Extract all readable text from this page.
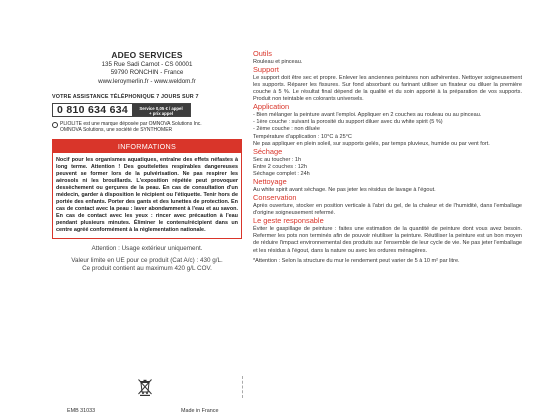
ADEO SERVICES
135 Rue Sadi Carnot - CS 00001
59790 RONCHIN - France
www.leroymerlin.fr - www.weldom.fr
VOTRE ASSISTANCE TÉLÉPHONIQUE 7 JOURS SUR 7
0 810 634 634	Service 0,05 € / appel
+ prix appel
PLIOLITE est une marque déposée par OMNOVA Solutions Inc.
OMNOVA Solutions, une société de SYNTHOMER
INFORMATIONS
Nocif pour les organismes aquatiques, entraîne des effets néfastes à long terme. Attention ! Des gouttelettes respirables dangereuses peuvent se former lors de la pulvérisation. Ne pas respirer les aérosols ni les brouillards. L'exposition répétée peut provoquer dessèchement ou gerçures de la peau. En cas de consultation d'un médecin, garder à disposition le récipient ou l'étiquette. Tenir hors de portée des enfants. Porter des gants et des lunettes de protection. En cas de contact avec la peau : laver abondamment à l'eau et au savon. En cas de contact avec les yeux : rincer avec précaution à l'eau pendant plusieurs minutes. Éliminer le contenu/récipient dans un centre agréé conformément à la réglementation nationale.
Attention : Usage extérieur uniquement.
Valeur limite en UE pour ce produit (Cat A/c) : 430 g/L.
Ce produit contient au maximum 420 g/L COV.
EMB 31033	Made in France
Outils
Rouleau et pinceau.
Support
Le support doit être sec et propre. Enlever les anciennes peintures non adhérentes. Nettoyer soigneusement les supports. Réparer les fissures. Sur fond absorbant ou farinant utiliser un fixateur ou diluer la première couche à 5 %. Le résultat final dépend de la qualité et du soin apporté à la préparation de vos supports. Produit non teintable en colorants universels.
Application
- Bien mélanger la peinture avant l'emploi. Appliquer en 2 couches au rouleau ou au pinceau.
- 1ère couche : suivant la porosité du support diluer avec du white spirit (5 %)
- 2ème couche : non diluée
Température d'application : 10°C à 25°C
Ne pas appliquer en plein soleil, sur supports gelés, par temps pluvieux, humide ou par vent fort.
Séchage
Sec au toucher : 1h
Entre 2 couches : 12h
Séchage complet : 24h
Nettoyage
Au white spirit avant séchage. Ne pas jeter les résidus de lavage à l'égout.
Conservation
Après ouverture, stocker en position verticale à l'abri du gel, de la chaleur et de l'humidité, dans l'emballage d'origine soigneusement refermé.
Le geste responsable
Éviter le gaspillage de peinture : faites une estimation de la quantité de peinture dont vous avez besoin. Refermer les pots non terminés afin de pouvoir réutiliser la peinture. Réutiliser la peinture est un bon moyen de réduire l'impact environnemental des produits sur l'ensemble de leur cycle de vie. Ne pas jeter l'emballage et les résidus à l'égout, dans la nature ou avec les ordures ménagères.
*Attention : Selon la structure du mur le rendement peut varier de 5 à 10 m² par litre.
